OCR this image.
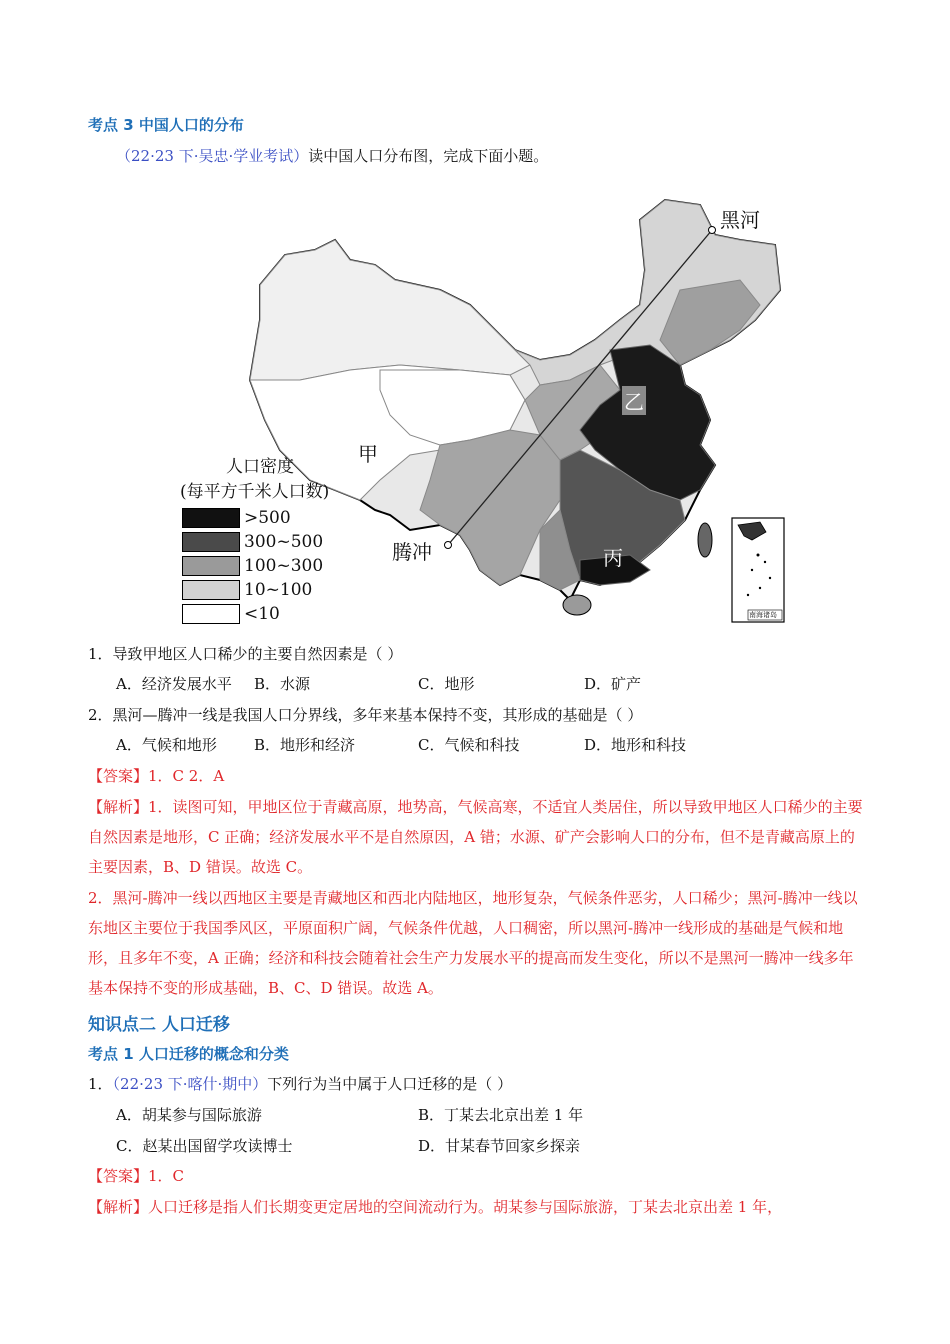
考点 3 中国人口的分布
（22·23 下·吴忠·学业考试）读中国人口分布图，完成下面小题。
甲
乙
丙
黑河
腾冲
南海诸岛
人口密度
(每平方千米人口数)
>500
300~500
100~300
10~100
<10
1．导致甲地区人口稀少的主要自然因素是（ ）
A．经济发展水平 B．水源	C．地形	D．矿产
2．黑河—腾冲一线是我国人口分界线，多年来基本保持不变，其形成的基础是（ ）
A．气候和地形 B．地形和经济	C．气候和科技	D．地形和科技
【答案】1．C 2．A
【解析】1．读图可知，甲地区位于青藏高原，地势高，气候高寒，不适宜人类居住，所以导致甲地区人口稀少的主要自然因素是地形，C 正确；经济发展水平不是自然原因，A 错；水源、矿产会影响人口的分布，但不是青藏高原上的主要因素，B、D 错误。故选 C。
2．黑河-腾冲一线以西地区主要是青藏地区和西北内陆地区，地形复杂，气候条件恶劣，人口稀少；黑河-腾冲一线以东地区主要位于我国季风区，平原面积广阔，气候条件优越，人口稠密，所以黑河-腾冲一线形成的基础是气候和地形，且多年不变，A 正确；经济和科技会随着社会生产力发展水平的提高而发生变化，所以不是黑河一腾冲一线多年基本保持不变的形成基础，B、C、D 错误。故选 A。
知识点二 人口迁移
考点 1 人口迁移的概念和分类
1．（22·23 下·喀什·期中）下列行为当中属于人口迁移的是（ ）
A．胡某参与国际旅游	B．丁某去北京出差 1 年
C．赵某出国留学攻读博士	D．甘某春节回家乡探亲
【答案】1．C
【解析】人口迁移是指人们长期变更定居地的空间流动行为。胡某参与国际旅游，丁某去北京出差 1 年，
